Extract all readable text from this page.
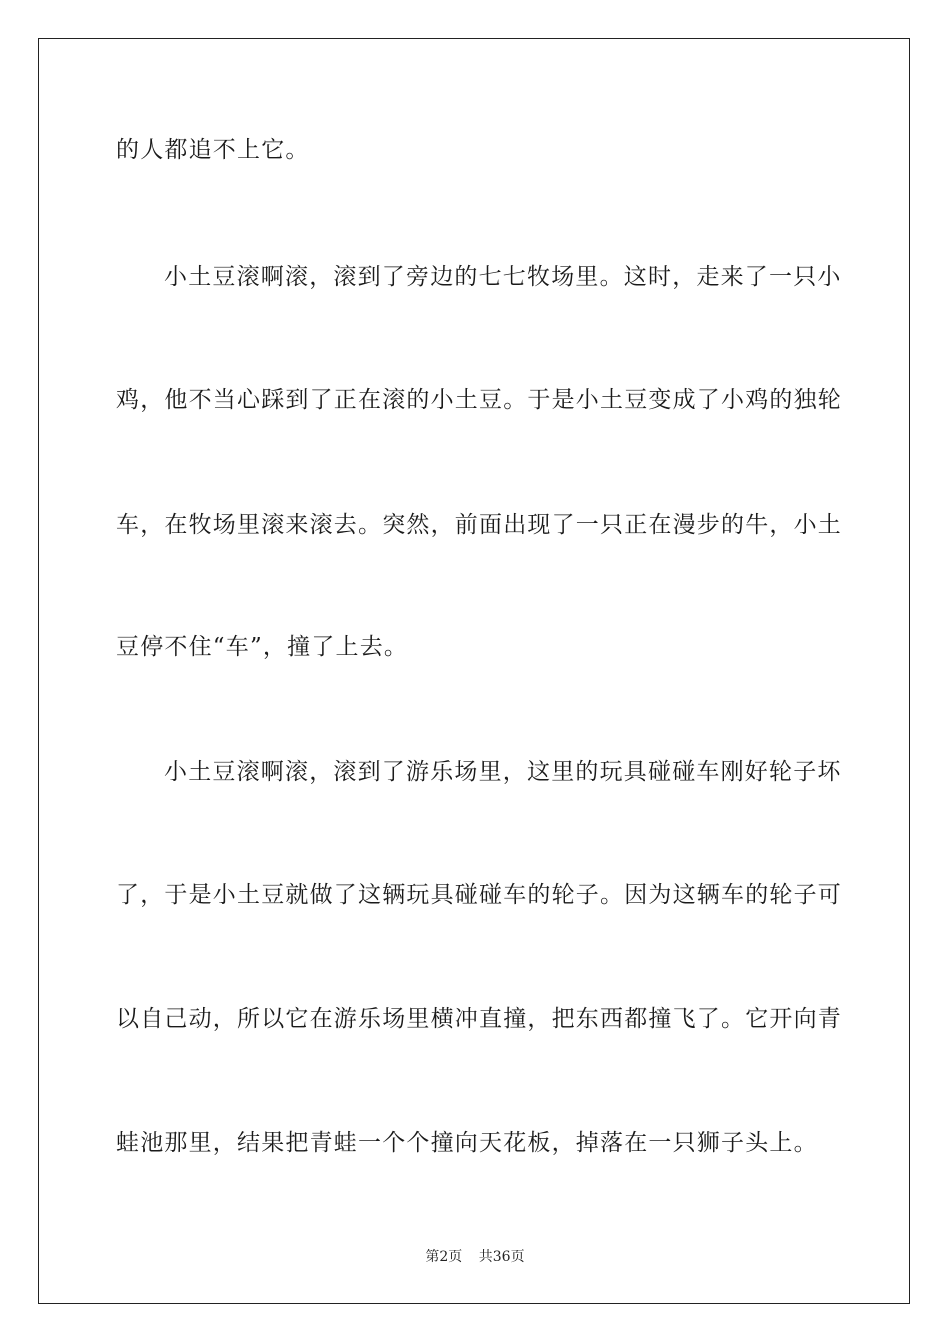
的人都追不上它。
小土豆滚啊滚，滚到了旁边的七七牧场里。这时，走来了一只小
鸡，他不当心踩到了正在滚的小土豆。于是小土豆变成了小鸡的独轮
车，在牧场里滚来滚去。突然，前面出现了一只正在漫步的牛，小土
豆停不住“车”，撞了上去。
小土豆滚啊滚，滚到了游乐场里，这里的玩具碰碰车刚好轮子坏
了，于是小土豆就做了这辆玩具碰碰车的轮子。因为这辆车的轮子可
以自己动，所以它在游乐场里横冲直撞，把东西都撞飞了。它开向青
蛙池那里，结果把青蛙一个个撞向天花板，掉落在一只狮子头上。
第2页 共36页
